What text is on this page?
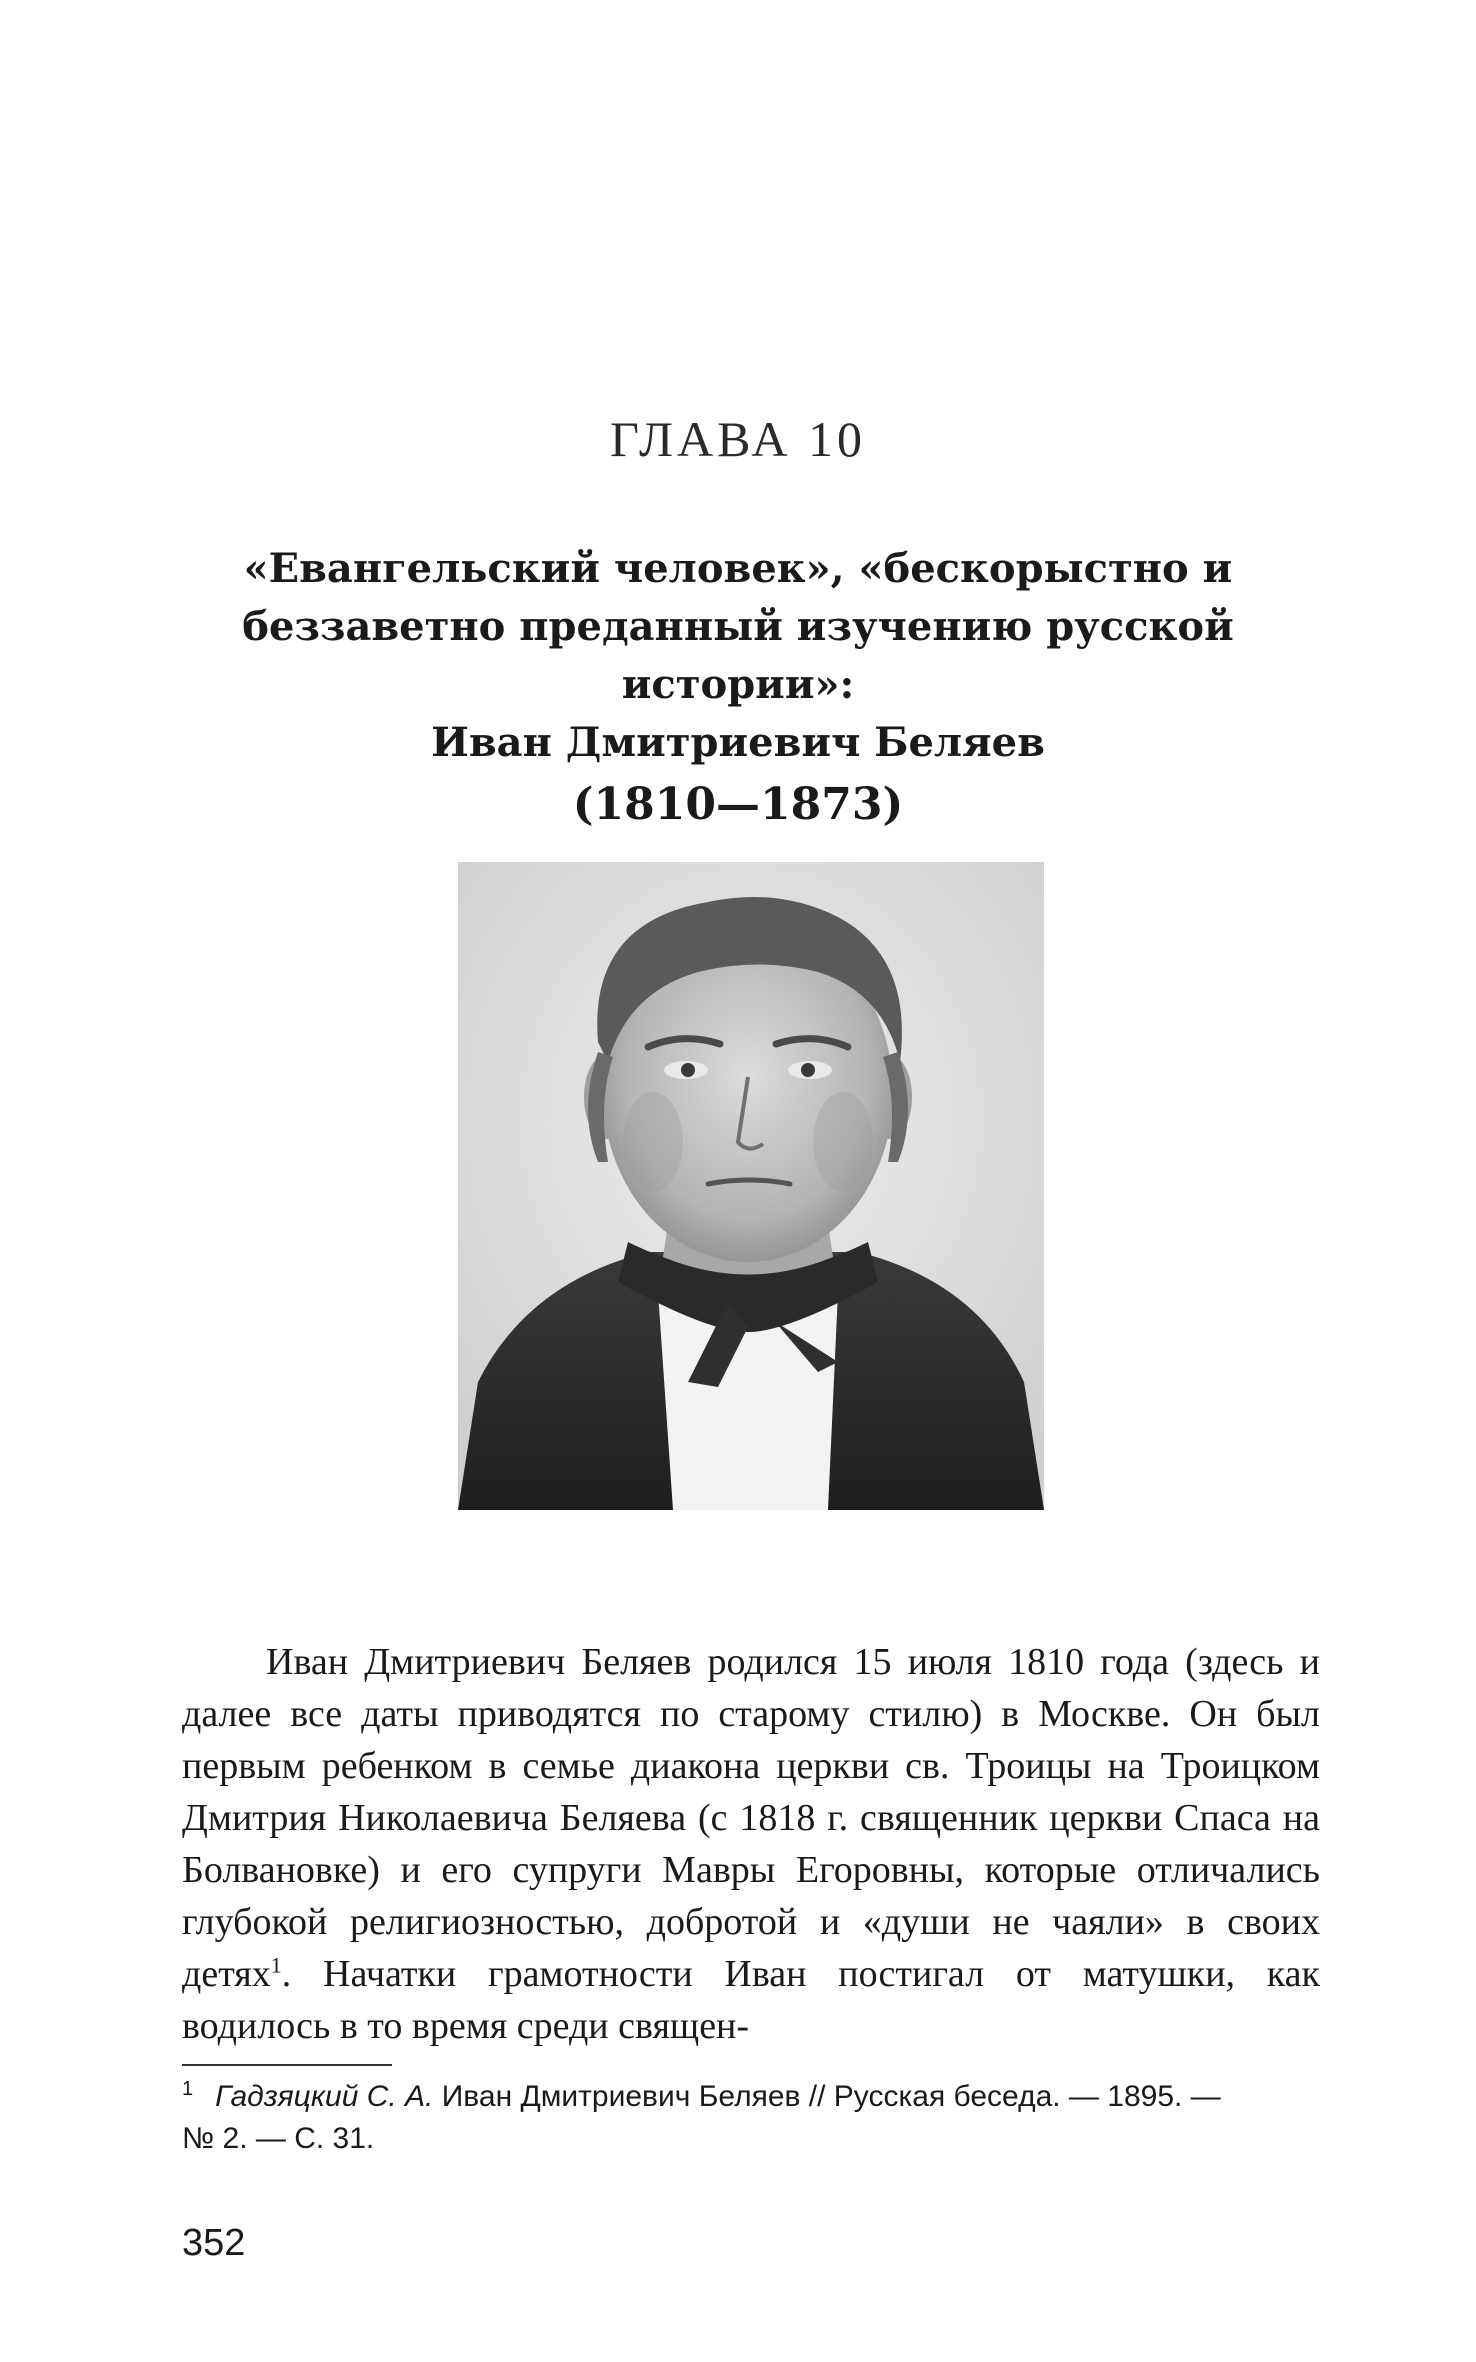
ГЛАВА 10
«Евангельский человек», «бескорыстно и
беззаветно преданный изучению русской истории»:
Иван Дмитриевич Беляев
(1810—1873)

Иван Дмитриевич Беляев родился 15 июля 1810 года (здесь и далее все даты приводятся по старому стилю) в Москве. Он был первым ребенком в семье диакона церкви св. Троицы на Троицком Дмитрия Николаевича Беляева (с 1818 г. священник церкви Спаса на Болвановке) и его супруги Мавры Егоровны, которые отличались глубокой религиозностью, добротой и «души не чаяли» в своих детях$^1$. Начатки грамотности Иван постигал от матушки, как водилось в то время среди священ-

$^1$ Гадзяцкий С. А. Иван Дмитриевич Беляев // Русская беседа. — 1895. —
№ 2. — С. 31.
352
